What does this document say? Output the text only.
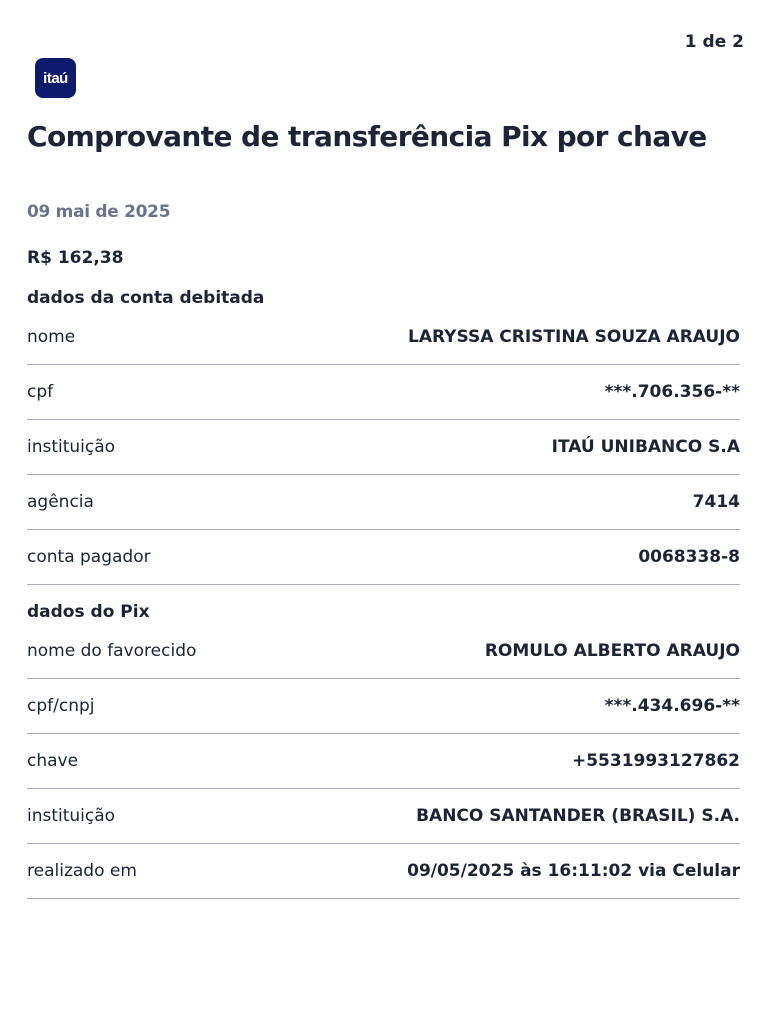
1 de 2
itaú
Comprovante de transferência Pix por chave
09 mai de 2025
R$ 162,38
dados da conta debitada
nome	LARYSSA CRISTINA SOUZA ARAUJO
cpf	***.706.356-**
instituição	ITAÚ UNIBANCO S.A
agência	7414
conta pagador	0068338-8
dados do Pix
nome do favorecido	ROMULO ALBERTO ARAUJO
cpf/cnpj	***.434.696-**
chave	+5531993127862
instituição	BANCO SANTANDER (BRASIL) S.A.
realizado em	09/05/2025 às 16:11:02 via Celular
